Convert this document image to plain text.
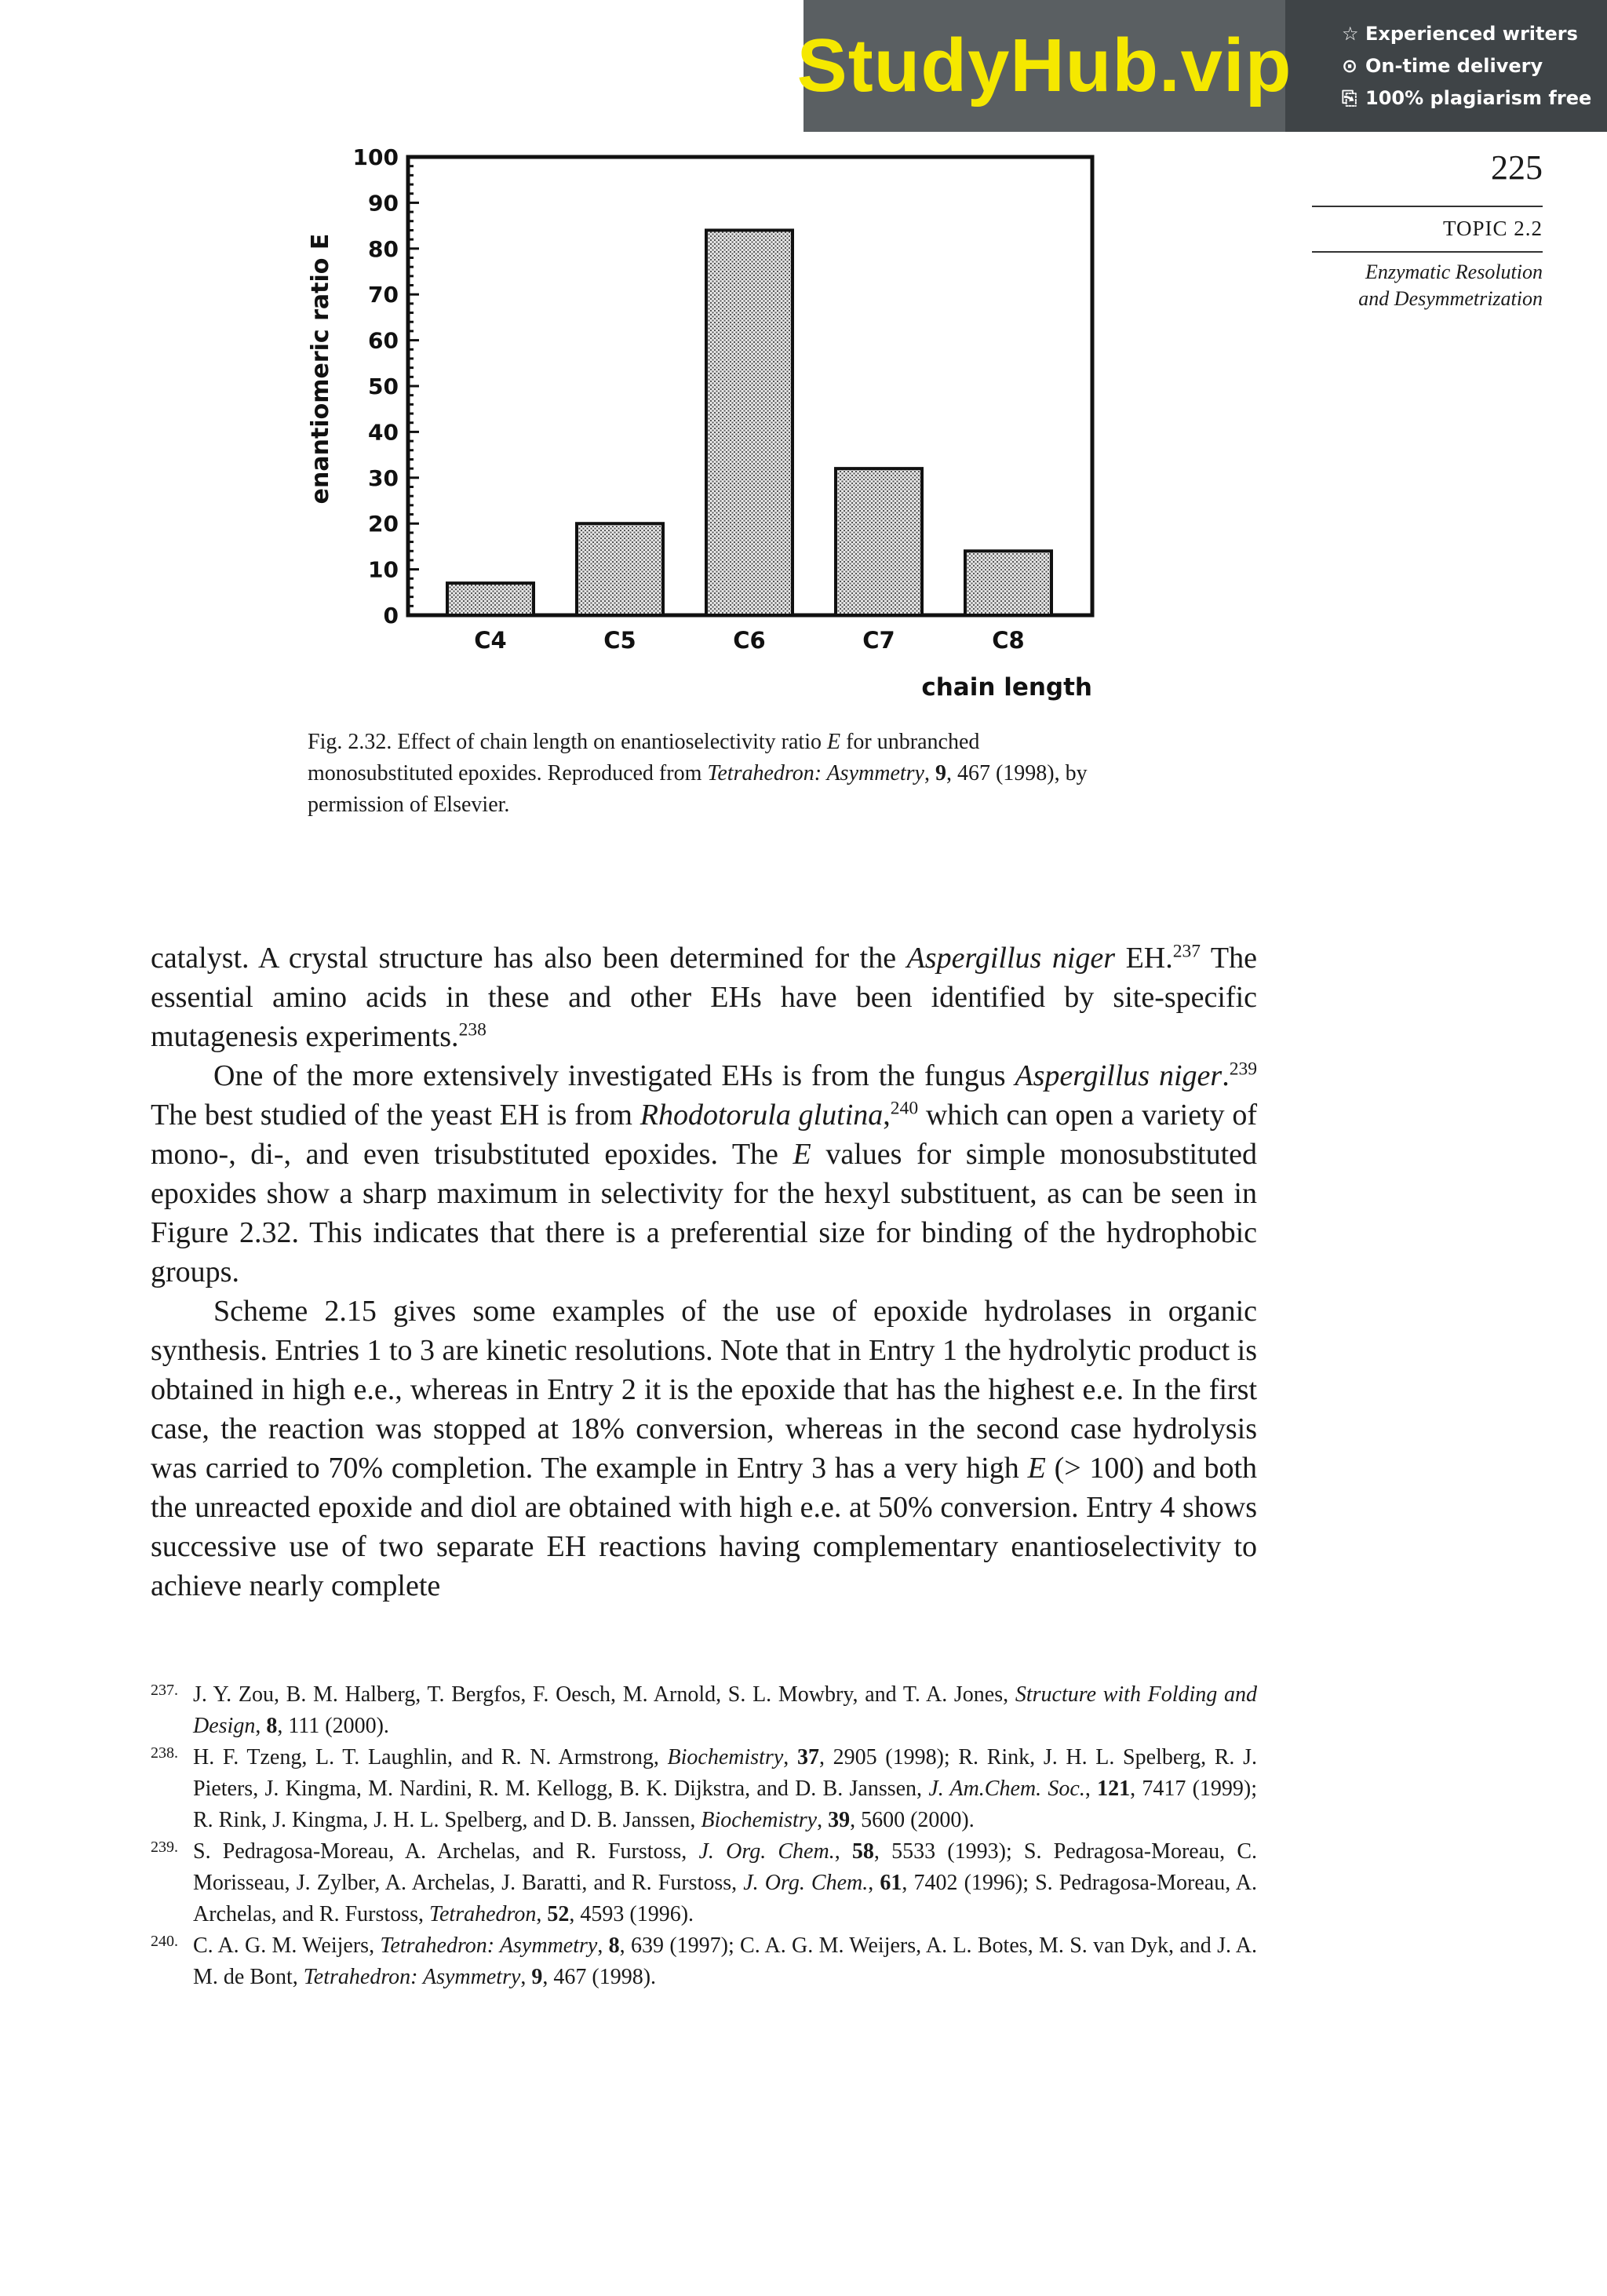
StudyHub.vip	☆ Experienced writers
⊙ On-time delivery
⎘ 100% plagiarism free
225
TOPIC 2.2
Enzymatic Resolution
and Desymmetrization
0
10
20
30
40
50
60
70
80
90
100
C4	C5	C6	C7	C8
enantiomeric ratio E
chain length
Fig. 2.32. Effect of chain length on enantioselectivity ratio E for unbranched monosubstituted epoxides. Reproduced from Tetrahedron: Asymmetry, 9, 467 (1998), by permission of Elsevier.

catalyst. A crystal structure has also been determined for the Aspergillus niger EH.$^{237}$ The essential amino acids in these and other EHs have been identified by site-specific mutagenesis experiments.$^{238}$

One of the more extensively investigated EHs is from the fungus Aspergillus niger.$^{239}$ The best studied of the yeast EH is from Rhodotorula glutina,$^{240}$ which can open a variety of mono-, di-, and even trisubstituted epoxides. The E values for simple monosubstituted epoxides show a sharp maximum in selectivity for the hexyl substituent, as can be seen in Figure 2.32. This indicates that there is a preferential size for binding of the hydrophobic groups.

Scheme 2.15 gives some examples of the use of epoxide hydrolases in organic synthesis. Entries 1 to 3 are kinetic resolutions. Note that in Entry 1 the hydrolytic product is obtained in high e.e., whereas in Entry 2 it is the epoxide that has the highest e.e. In the first case, the reaction was stopped at 18% conversion, whereas in the second case hydrolysis was carried to 70% completion. The example in Entry 3 has a very high E (> 100) and both the unreacted epoxide and diol are obtained with high e.e. at 50% conversion. Entry 4 shows successive use of two separate EH reactions having complementary enantioselectivity to achieve nearly complete

237. J. Y. Zou, B. M. Halberg, T. Bergfos, F. Oesch, M. Arnold, S. L. Mowbry, and T. A. Jones, Structure with Folding and Design, 8, 111 (2000).
238. H. F. Tzeng, L. T. Laughlin, and R. N. Armstrong, Biochemistry, 37, 2905 (1998); R. Rink, J. H. L. Spelberg, R. J. Pieters, J. Kingma, M. Nardini, R. M. Kellogg, B. K. Dijkstra, and D. B. Janssen, J. Am.Chem. Soc., 121, 7417 (1999); R. Rink, J. Kingma, J. H. L. Spelberg, and D. B. Janssen, Biochemistry, 39, 5600 (2000).
239. S. Pedragosa-Moreau, A. Archelas, and R. Furstoss, J. Org. Chem., 58, 5533 (1993); S. Pedragosa-Moreau, C. Morisseau, J. Zylber, A. Archelas, J. Baratti, and R. Furstoss, J. Org. Chem., 61, 7402 (1996); S. Pedragosa-Moreau, A. Archelas, and R. Furstoss, Tetrahedron, 52, 4593 (1996).
240. C. A. G. M. Weijers, Tetrahedron: Asymmetry, 8, 639 (1997); C. A. G. M. Weijers, A. L. Botes, M. S. van Dyk, and J. A. M. de Bont, Tetrahedron: Asymmetry, 9, 467 (1998).
